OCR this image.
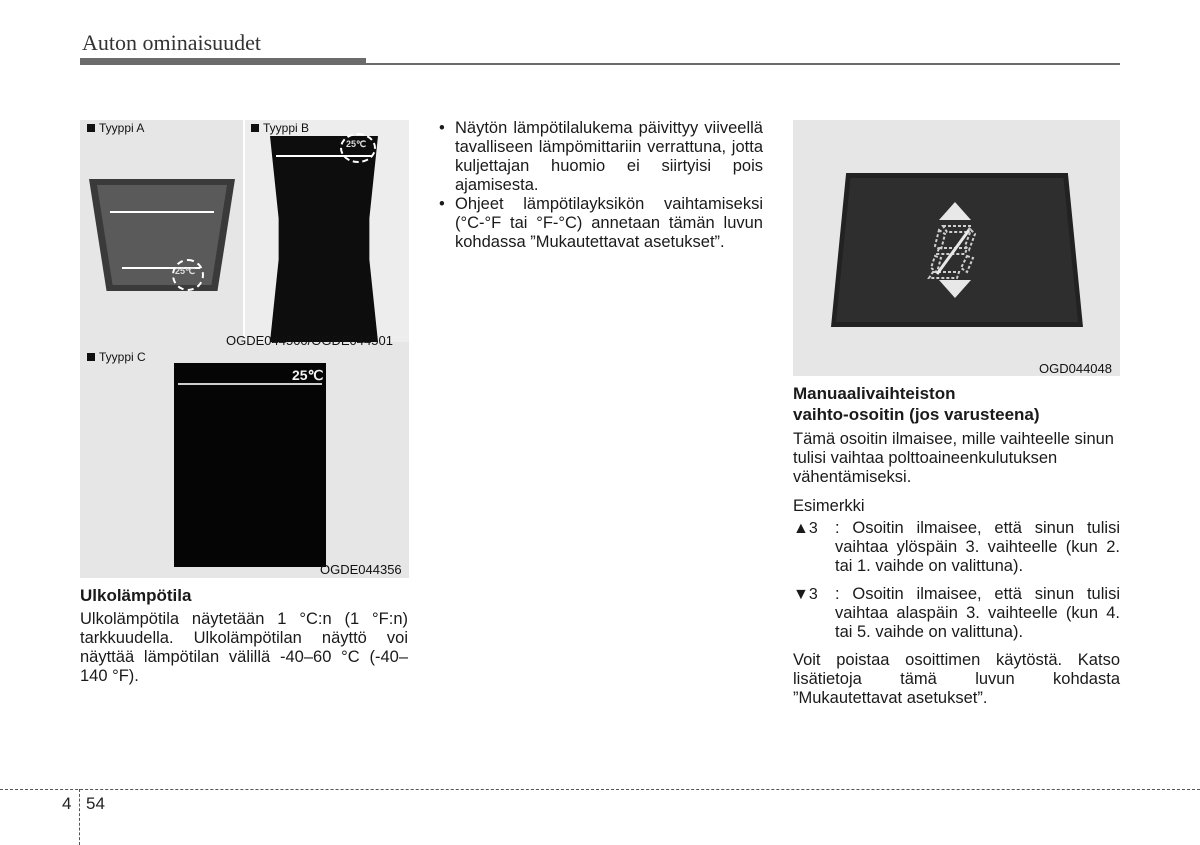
Auton ominaisuudet
Tyyppi A
25℃
Tyyppi B
25℃
OGDE044500/OGDE044501
Tyyppi C
25℃
OGDE044356
Ulkolämpötila
Ulkolämpötila näytetään 1 °C:n (1 °F:n) tarkkuudella. Ulkolämpötilan näyttö voi näyttää lämpötilan välillä -40–60 °C (-40–140 °F).
• Näytön lämpötilalukema päivittyy viiveellä tavalliseen lämpömittariin verrattuna, jotta kuljettajan huomio ei siirtyisi pois ajamisesta.
• Ohjeet lämpötilayksikön vaihtamiseksi (°C-°F tai °F-°C) annetaan tämän luvun kohdassa ”Mukautettavat asetukset”.
OGD044048
Manuaalivaihteiston
vaihto-osoitin (jos varusteena)
Tämä osoitin ilmaisee, mille vaihteelle sinun tulisi vaihtaa polttoaineenkulutuksen vähentämiseksi.
Esimerkki
▲3	: Osoitin ilmaisee, että sinun tulisi vaihtaa ylöspäin 3. vaihteelle (kun 2. tai 1. vaihde on valittuna).
▼3	: Osoitin ilmaisee, että sinun tulisi vaihtaa alaspäin 3. vaihteelle (kun 4. tai 5. vaihde on valittuna).
Voit poistaa osoittimen käytöstä. Katso lisätietoja tämä luvun kohdasta ”Mukautettavat asetukset”.
4 54
